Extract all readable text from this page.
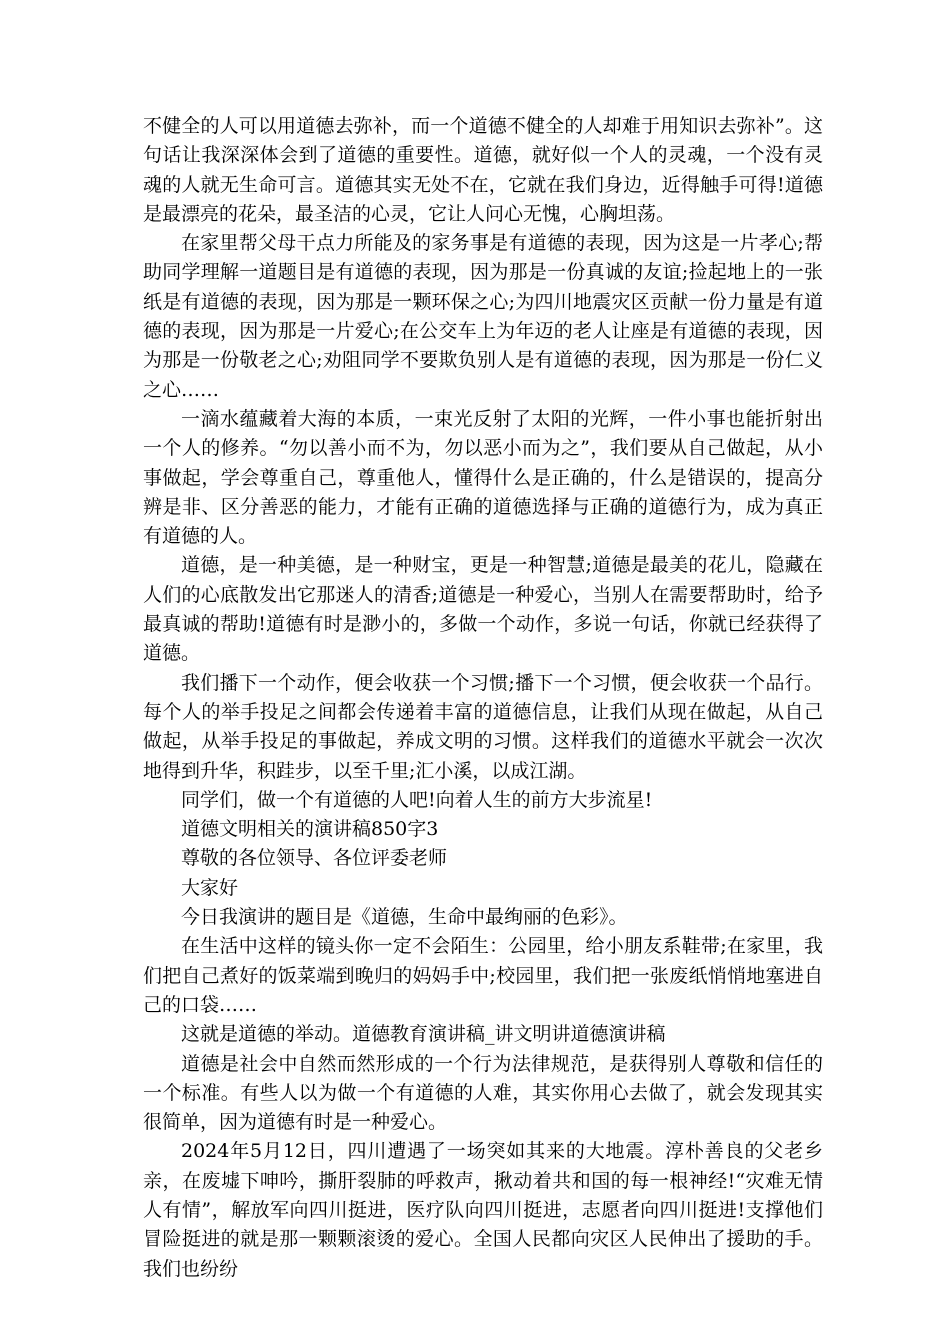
不健全的人可以用道德去弥补，而一个道德不健全的人却难于用知识去弥补”。这句话让我深深体会到了道德的重要性。道德，就好似一个人的灵魂，一个没有灵魂的人就无生命可言。道德其实无处不在，它就在我们身边，近得触手可得!道德是最漂亮的花朵，最圣洁的心灵，它让人问心无愧，心胸坦荡。

在家里帮父母干点力所能及的家务事是有道德的表现，因为这是一片孝心;帮助同学理解一道题目是有道德的表现，因为那是一份真诚的友谊;捡起地上的一张纸是有道德的表现，因为那是一颗环保之心;为四川地震灾区贡献一份力量是有道德的表现，因为那是一片爱心;在公交车上为年迈的老人让座是有道德的表现，因为那是一份敬老之心;劝阻同学不要欺负别人是有道德的表现，因为那是一份仁义之心……

一滴水蕴藏着大海的本质，一束光反射了太阳的光辉，一件小事也能折射出一个人的修养。“勿以善小而不为，勿以恶小而为之”，我们要从自己做起，从小事做起，学会尊重自己，尊重他人，懂得什么是正确的，什么是错误的，提高分辨是非、区分善恶的能力，才能有正确的道德选择与正确的道德行为，成为真正有道德的人。

道德，是一种美德，是一种财宝，更是一种智慧;道德是最美的花儿，隐藏在人们的心底散发出它那迷人的清香;道德是一种爱心，当别人在需要帮助时，给予最真诚的帮助!道德有时是渺小的，多做一个动作，多说一句话，你就已经获得了道德。

我们播下一个动作，便会收获一个习惯;播下一个习惯，便会收获一个品行。每个人的举手投足之间都会传递着丰富的道德信息，让我们从现在做起，从自己做起，从举手投足的事做起，养成文明的习惯。这样我们的道德水平就会一次次地得到升华，积跬步，以至千里;汇小溪，以成江湖。

同学们，做一个有道德的人吧!向着人生的前方大步流星!

道德文明相关的演讲稿850字3

尊敬的各位领导、各位评委老师

大家好

今日我演讲的题目是《道德，生命中最绚丽的色彩》。

在生活中这样的镜头你一定不会陌生：公园里，给小朋友系鞋带;在家里，我们把自己煮好的饭菜端到晚归的妈妈手中;校园里，我们把一张废纸悄悄地塞进自己的口袋……

这就是道德的举动。道德教育演讲稿_讲文明讲道德演讲稿

道德是社会中自然而然形成的一个行为法律规范，是获得别人尊敬和信任的一个标准。有些人以为做一个有道德的人难，其实你用心去做了，就会发现其实很简单，因为道德有时是一种爱心。

2024年5月12日，四川遭遇了一场突如其来的大地震。淳朴善良的父老乡亲，在废墟下呻吟，撕肝裂肺的呼救声，揪动着共和国的每一根神经!“灾难无情人有情”，解放军向四川挺进，医疗队向四川挺进，志愿者向四川挺进!支撑他们冒险挺进的就是那一颗颗滚烫的爱心。全国人民都向灾区人民伸出了援助的手。我们也纷纷
